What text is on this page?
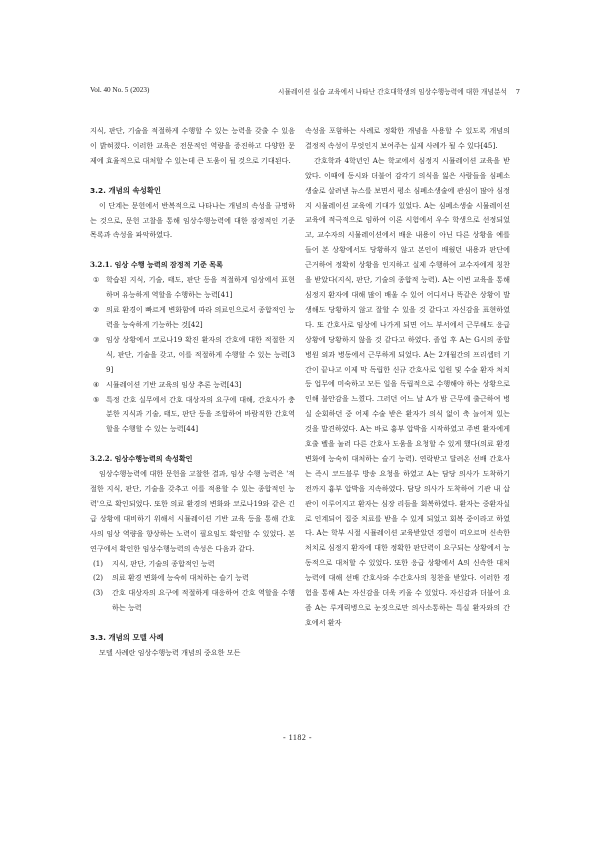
Vol. 40 No. 5 (2023)	시뮬레이션 실습 교육에서 나타난 간호대학생의 임상수행능력에 대한 개념분석 7

지식, 판단, 기술을 적절하게 수행할 수 있는 능력을 갖출 수 있음이 밝혀졌다. 이러한 교육은 전문적인 역량을 증진하고 다양한 문제에 효율적으로 대처할 수 있는데 큰 도움이 될 것으로 기대된다.

3.2. 개념의 속성확인

이 단계는 문헌에서 반복적으로 나타나는 개념의 속성을 규명하는 것으로, 문헌 고찰을 통해 임상수행능력에 대한 잠정적인 기준 목록과 속성을 파악하였다.

3.2.1. 임상 수행 능력의 잠정적 기준 목록

① 학습된 지식, 기술, 태도, 판단 등을 적절하게 임상에서 표현하며 유능하게 역할을 수행하는 능력[41]

② 의료 환경이 빠르게 변화함에 따라 의료인으로서 종합적인 능력을 능숙하게 기능하는 것[42]

③ 임상 상황에서 코로나19 확진 환자의 간호에 대한 적절한 지식, 판단, 기술을 갖고, 이를 적절하게 수행할 수 있는 능력[39]

④ 시뮬레이션 기반 교육의 임상 추론 능력[43]

⑤ 특정 간호 실무에서 간호 대상자의 요구에 대해, 간호사가 충분한 지식과 기술, 태도, 판단 등을 조합하여 바람직한 간호역할을 수행할 수 있는 능력[44]

3.2.2. 임상수행능력의 속성확인

임상수행능력에 대한 문헌을 고찰한 결과, 임상 수행 능력은 '적절한 지식, 판단, 기술을 갖추고 이를 적용할 수 있는 종합적인 능력'으로 확인되었다. 또한 의료 환경의 변화와 코로나19와 같은 긴급 상황에 대비하기 위해서 시뮬레이션 기반 교육 등을 통해 간호사의 임상 역량을 향상하는 노력이 필요임도 확인할 수 있었다. 본 연구에서 확인한 임상수행능력의 속성은 다음과 같다.

(1) 지식, 판단, 기술의 종합적인 능력

(2) 의료 환경 변화에 능숙히 대처하는 슬기 능력

(3) 간호 대상자의 요구에 적절하게 대응하여 간호 역할을 수행하는 능력

3.3. 개념의 모델 사례

모델 사례란 임상수행능력 개념의 중요한 모든

속성을 포함하는 사례로 정확한 개념을 사용할 수 있도록 개념의 결정적 속성이 무엇인지 보여주는 실제 사례가 될 수 있다[45].

간호학과 4학년인 A는 학교에서 심정지 시뮬레이션 교육을 받았다. 이때에 동시와 더불어 감각기 의식을 잃은 사람들을 심폐소생술로 살려낸 뉴스를 보면서 평소 심폐소생술에 관심이 많아 심정지 시뮬레이션 교육에 기대가 있었다. A는 심폐소생술 시뮬레이션 교육에 적극적으로 임하여 이론 시험에서 우수 학생으로 선정되었고, 교수자의 시뮬레이션에서 배운 내용이 아닌 다른 상황을 예를 들어 본 상황에서도 당황하지 않고 본인이 배웠던 내용과 판단에 근거하여 정확히 상황을 인지하고 실제 수행하여 교수자에게 칭찬을 받았다(지식, 판단, 기술의 종합적 능력). A는 이번 교육을 통해 심정지 환자에 대해 많이 배울 수 있어 어디서나 똑같은 상황이 발생해도 당황하지 않고 잘할 수 있을 것 같다고 자신감을 표현하였다. 또 간호사로 임상에 나가게 되면 어느 부서에서 근무해도 응급 상황에 당황하지 않을 것 같다고 하였다. 졸업 후 A는 G시의 종합병원 외과 병동에서 근무하게 되었다. A는 2개월간의 프리셉터 기간이 끝나고 이제 막 독립한 신규 간호사로 입원 및 수술 환자 처치 등 업무에 미숙하고 모든 일을 독립적으로 수행해야 하는 상황으로 인해 불안감을 느꼈다. 그러던 어느 날 A가 밤 근무에 출근하여 병실 순회하던 중 어제 수술 받은 환자가 의식 없이 축 늘어져 있는 것을 발견하였다. A는 바로 흉부 압박을 시작하였고 주변 환자에게 호출 벨을 눌러 다른 간호사 도움을 요청할 수 있게 했다(의료 환경 변화에 능숙히 대처하는 슬기 능력). 연락받고 달려온 선배 간호사는 즉시 코드블루 방송 요청을 하였고 A는 담당 의사가 도착하기 전까지 흉부 압박을 지속하였다. 담당 의사가 도착하여 기관 내 삽관이 이루어지고 환자는 심장 리듬을 회복하였다. 환자는 중환자실로 인계되어 집중 치료를 받을 수 있게 되었고 회복 중이라고 하였다. A는 학부 시절 시뮬레이션 교육받았던 경험이 떠오르며 신속한 처치로 심정지 환자에 대한 정확한 판단력이 요구되는 상황에서 능동적으로 대처할 수 있었다. 또한 응급 상황에서 A의 신속한 대처 능력에 대해 선배 간호사와 수간호사의 칭찬을 받았다. 이러한 경험을 통해 A는 자신감을 더욱 키울 수 있었다. 자신감과 더불어 요즘 A는 루게릭병으로 눈짓으로만 의사소통하는 특실 환자와의 간호에서 환자

- 1182 -
